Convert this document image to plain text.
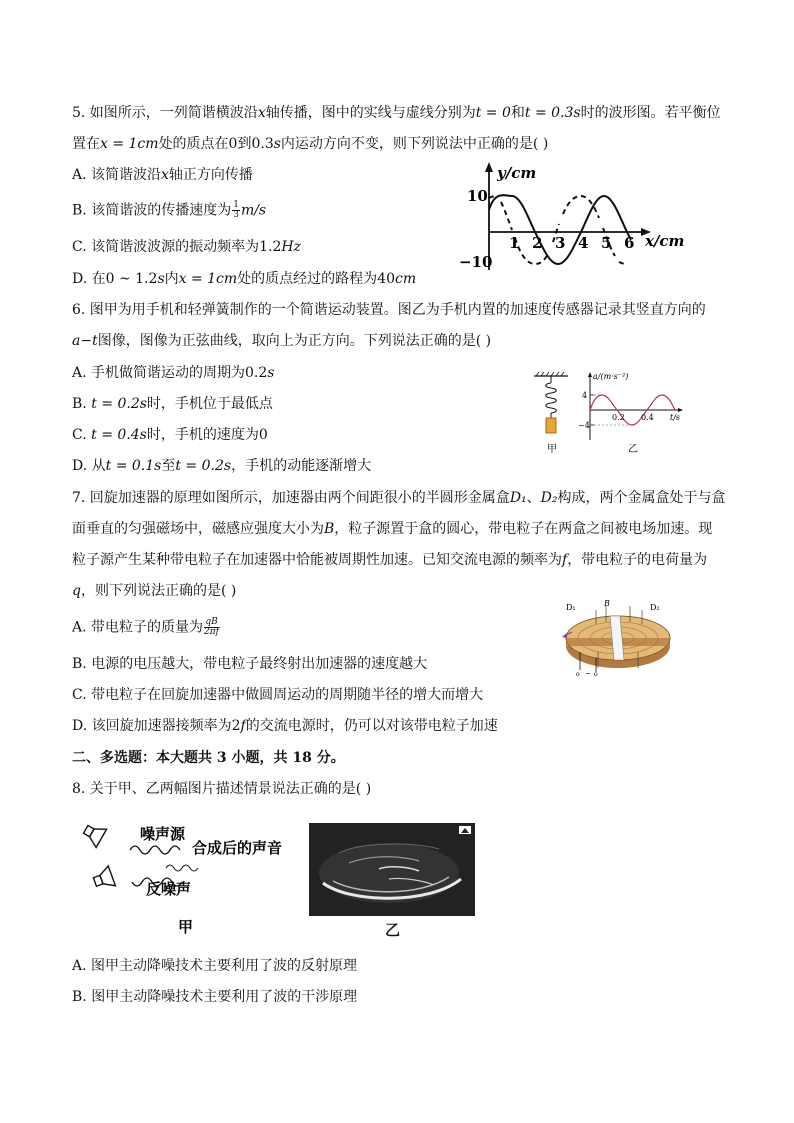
5. 如图所示，一列简谐横波沿x轴传播，图中的实线与虚线分别为t = 0和t = 0.3s时的波形图。若平衡位
置在x = 1cm处的质点在0到0.3s内运动方向不变，则下列说法中正确的是( )
A. 该简谐波沿x轴正方向传播
B. 该简谐波的传播速度为 $\frac{1}{3} m/s$
C. 该简谐波波源的振动频率为1.2Hz
D. 在0 ~ 1.2s内x = 1cm处的质点经过的路程为40cm
10
−10
y/cm
1 2 3 4 5 6 x/cm
6. 图甲为用手机和轻弹簧制作的一个简谐运动装置。图乙为手机内置的加速度传感器记录其竖直方向的
a−t图像，图像为正弦曲线，取向上为正方向。下列说法正确的是( )
A. 手机做简谐运动的周期为0.2s
B. t = 0.2s时，手机位于最低点
C. t = 0.4s时，手机的速度为0
D. 从t = 0.1s至t = 0.2s，手机的动能逐渐增大
甲
a/(m·s⁻²)
4
−4
0.2 0.4 t/s
乙
7. 回旋加速器的原理如图所示，加速器由两个间距很小的半圆形金属盒D₁、D₂构成，两个金属盒处于与盒
面垂直的匀强磁场中，磁感应强度大小为B，粒子源置于盒的圆心，带电粒子在两盒之间被电场加速。现
粒子源产生某种带电粒子在加速器中恰能被周期性加速。已知交流电源的频率为f，带电粒子的电荷量为
q，则下列说法正确的是( )
A. 带电粒子的质量为 $\frac{qB}{2\pi f}$
B. 电源的电压越大，带电粒子最终射出加速器的速度越大
C. 带电粒子在回旋加速器中做圆周运动的周期随半径的增大而增大
D. 该回旋加速器接频率为2f的交流电源时，仍可以对该带电粒子加速
o ~ o
D₁	D₂
B
二、多选题：本大题共 3 小题，共 18 分。
8. 关于甲、乙两幅图片描述情景说法正确的是( )
噪声源
合成后的声音
反噪声
甲	乙
A. 图甲主动降噪技术主要利用了波的反射原理
B. 图甲主动降噪技术主要利用了波的干涉原理
